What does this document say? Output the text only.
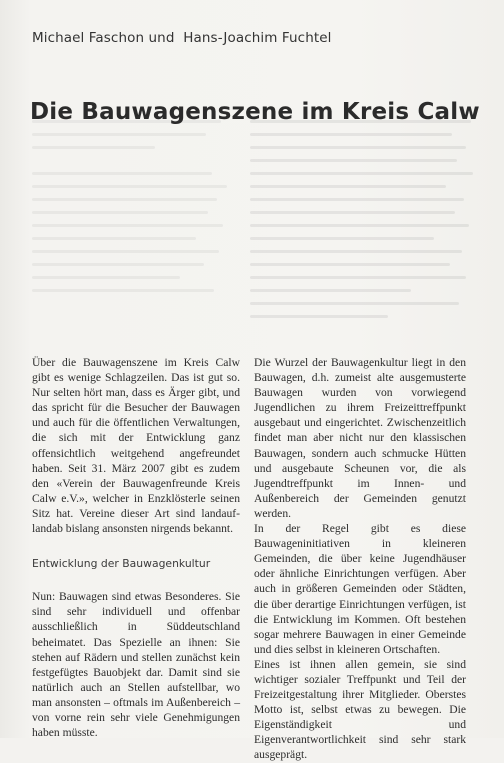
Michael Faschon und  Hans-Joachim Fuchtel
Die Bauwagenszene im Kreis Calw

Über die Bauwagenszene im Kreis Calw gibt es wenige Schlagzeilen. Das ist gut so. Nur selten hört man, dass es Ärger gibt, und das spricht für die Besucher der Bauwagen und auch für die öffentlichen Verwaltungen, die sich mit der Entwicklung ganz offensichtlich weitgehend angefreundet haben. Seit 31. März 2007 gibt es zudem den «Verein der Bauwagenfreunde Kreis Calw e.V.», welcher in Enzklösterle seinen Sitz hat. Vereine dieser Art sind landauf-landab bislang ansonsten nirgends bekannt.

Entwicklung der Bauwagenkultur

Nun: Bauwagen sind etwas Besonderes. Sie sind sehr individuell und offenbar ausschließlich in Süddeutschland beheimatet. Das Spezielle an ihnen: Sie stehen auf Rädern und stellen zunächst kein festgefügtes Bauobjekt dar. Damit sind sie natürlich auch an Stellen aufstellbar, wo man ansonsten – oftmals im Außenbereich – von vorne rein sehr viele Genehmigungen haben müsste.

Die Wurzel der Bauwagenkultur liegt in den Bauwagen, d.h. zumeist alte ausgemusterte Bauwagen wurden von vorwiegend Jugendlichen zu ihrem Freizeittreffpunkt ausgebaut und eingerichtet. Zwischenzeitlich findet man aber nicht nur den klassischen Bauwagen, sondern auch schmucke Hütten und ausgebaute Scheunen vor, die als Jugendtreffpunkt im Innen- und Außenbereich der Gemeinden genutzt werden.

In der Regel gibt es diese Bauwageninitiativen in kleineren Gemeinden, die über keine Jugendhäuser oder ähnliche Einrichtungen verfügen. Aber auch in größeren Gemeinden oder Städten, die über derartige Einrichtungen verfügen, ist die Entwicklung im Kommen. Oft bestehen sogar mehrere Bauwagen in einer Gemeinde und dies selbst in kleineren Ortschaften.

Eines ist ihnen allen gemein, sie sind wichtiger sozialer Treffpunkt und Teil der Freizeitgestaltung ihrer Mitglieder. Oberstes Motto ist, selbst etwas zu bewegen. Die Eigenständigkeit und Eigenverantwortlichkeit sind sehr stark ausgeprägt.
